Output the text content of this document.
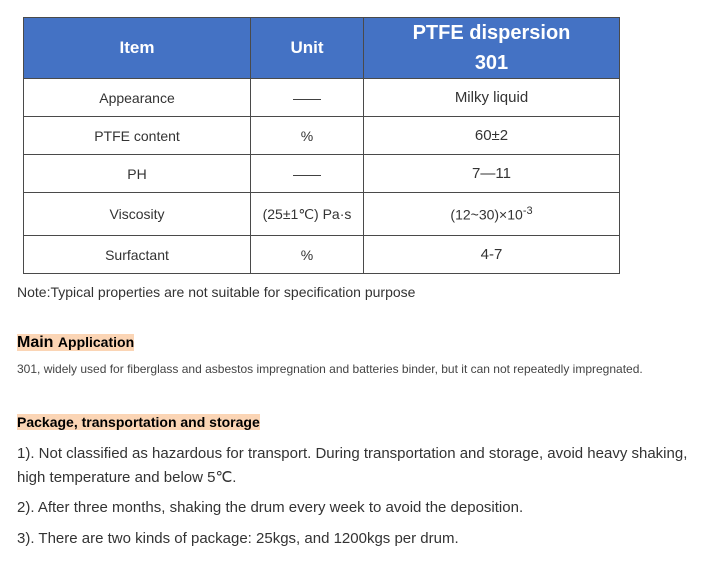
Item	Unit	PTFE dispersion
301
Appearance	——	Milky liquid
PTFE content	%	60±2
PH	——	7—11
Viscosity	(25±1℃) Pa·s	$(12\sim 30)\times 10^{-3}$
Surfactant	%	4-7
Note:Typical properties are not suitable for specification purpose
Main Application
301, widely used for fiberglass and asbestos impregnation and batteries binder, but it can not repeatedly impregnated.
Package, transportation and storage
1). Not classified as hazardous for transport. During transportation and storage, avoid heavy shaking, high temperature and below 5℃.
2). After three months, shaking the drum every week to avoid the deposition.
3). There are two kinds of package: 25kgs, and 1200kgs per drum.
